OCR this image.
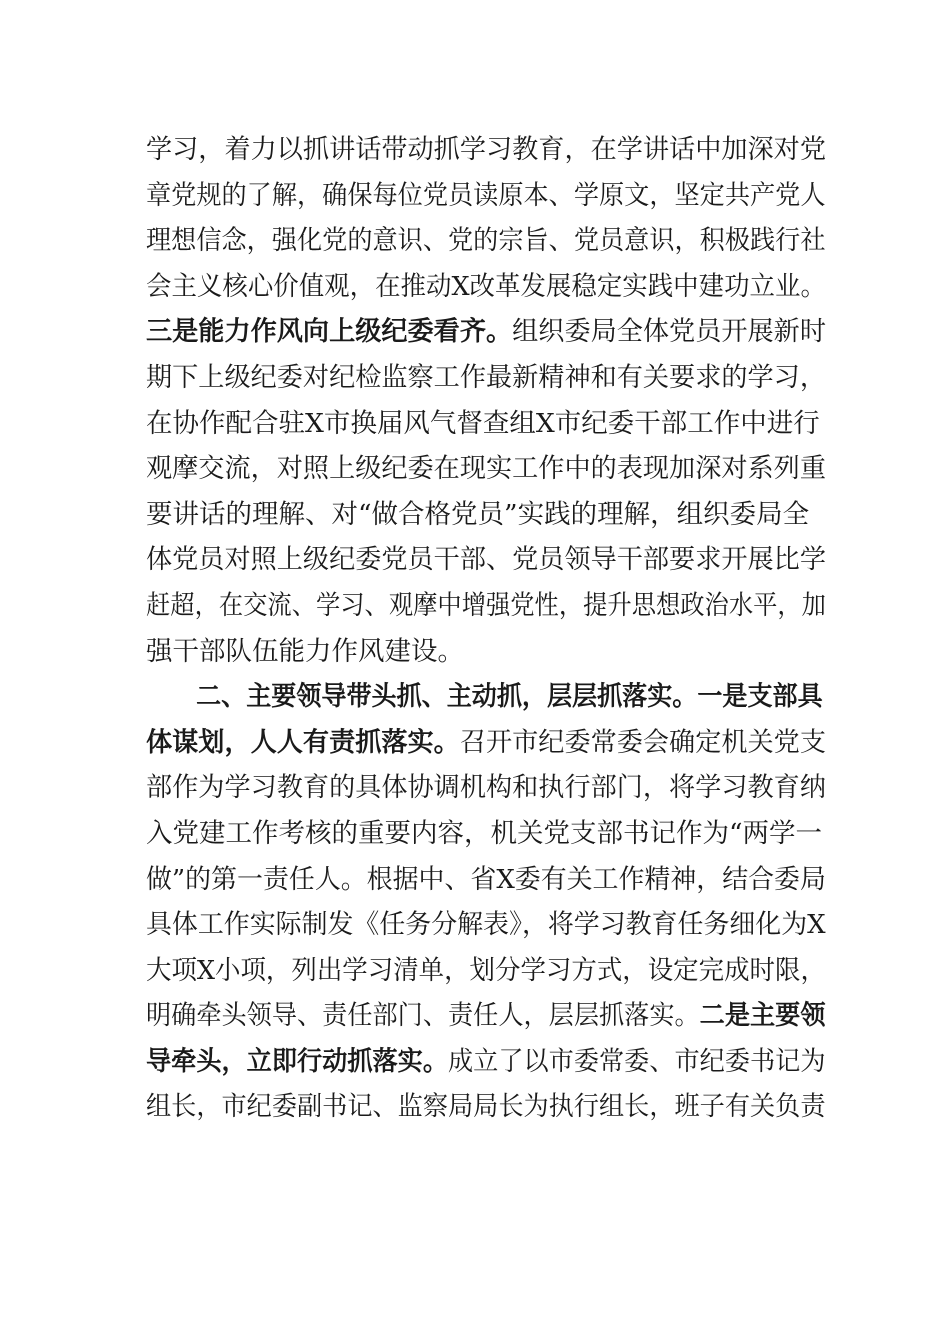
学习，着力以抓讲话带动抓学习教育，在学讲话中加深对党
章党规的了解，确保每位党员读原本、学原文，坚定共产党人
理想信念，强化党的意识、党的宗旨、党员意识，积极践行社
会主义核心价值观，在推动X改革发展稳定实践中建功立业。
三是能力作风向上级纪委看齐。组织委局全体党员开展新时
期下上级纪委对纪检监察工作最新精神和有关要求的学习，
在协作配合驻X市换届风气督查组X市纪委干部工作中进行
观摩交流，对照上级纪委在现实工作中的表现加深对系列重
要讲话的理解、对“做合格党员”实践的理解，组织委局全
体党员对照上级纪委党员干部、党员领导干部要求开展比学
赶超，在交流、学习、观摩中增强党性，提升思想政治水平，加
强干部队伍能力作风建设。
二、主要领导带头抓、主动抓，层层抓落实。一是支部具
体谋划，人人有责抓落实。召开市纪委常委会确定机关党支
部作为学习教育的具体协调机构和执行部门，将学习教育纳
入党建工作考核的重要内容，机关党支部书记作为“两学一
做”的第一责任人。根据中、省X委有关工作精神，结合委局
具体工作实际制发《任务分解表》，将学习教育任务细化为X
大项X小项，列出学习清单，划分学习方式，设定完成时限，
明确牵头领导、责任部门、责任人，层层抓落实。二是主要领
导牵头，立即行动抓落实。成立了以市委常委、市纪委书记为
组长，市纪委副书记、监察局局长为执行组长，班子有关负责
